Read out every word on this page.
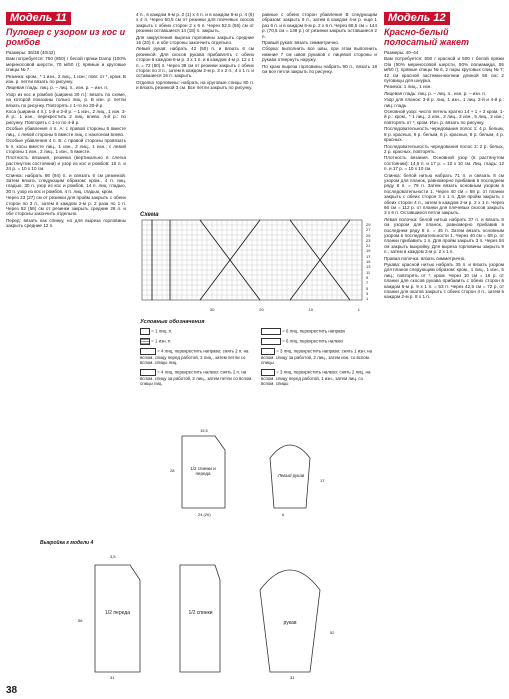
Модель 11
Пуловер с узором из кос и ромбов

Размеры: 36/38 (40/42)

Вам потребуется: 750 (850) г белой пряжи Damp (100% мериносовой шерсти, 70 м/50 г); прямые и круговые спицы № 7.

Резинка: кром., * 1 изн., 2 лиц., 1 изн.; повт. от *, кром. В изн. р. петли вязать по рисунку.

Лицевая гладь: лиц. р. – лиц. п., изн. р. – изн. п.

Узор из кос и ромбов (ширина 30 п.): вязать по схеме, на которой показаны только лиц. р. В изн. р. петли вязать по рисунку. Повторять с 1-го по 30-й р.

Коса (ширина 4 п.): 1-й и 2-й р. – 1 изн., 2 лиц., 1 изн. 3-й р.: 1 изн., перекрестить 2 лиц. влево. 4-й р.: по рисунку. Повторять с 1-го по 4-й р.

Особые убавления 4 п. А: с правой стороны 5 вместе лиц., с левой стороны 5 вместе лиц. с наклоном влево.

Особые убавления 4 п. Б: с правой стороны провязать 5 п. косы вместе лиц., 1 изн., 2 лиц., 1 изн.; с левой стороны 1 изн., 2 лиц., 1 изн., 5 вместе.

Плотность вязания, резинка (вертикально в слегка растянутом состоянии) и узор из кос и ромбов: 18 п. и 24 р. = 10 х 10 см.

Спинка: набрать 86 (94) п. и связать 6 см резинкой. Затем вязать следующим образом: кром., 4 п. лиц. гладью, 30 п. узор из кос и ромбов, 14 п. лиц. гладью, 30 п. узор из кос и ромбов, 4 п. лиц. гладью, кром.

Через 23 (27) см от резинки для пройм закрыть с обеих сторон по 3 п., затем в каждом 2-м р. 2 раза по 1 п. Через 52 (56) см от резинки закрыть средние 26 п. и обе стороны закончить отдельно.

Перед: вязать как спинку, но для выреза горловины закрыть средние 12 п.

4 п., в каждом 6-м р. 2 (1) х 4 п. и в каждом 8-м р. 4 (6) х 4 п. Через 50,5 см от резинки для плечевых скосов закрыть с обеих сторон 2 х 6 п. Через 52,5 (56) см от резинки оставшиеся 14 (18) п. закрыть.

Для закругления выреза горловины закрыть средние 16 (20) п. и обе стороны закончить отдельно.

Левый рукав: набрать 42 (50) п. и вязать 6 см резинкой. Для скосов рукава прибавлять с обеих сторон в каждом 6-м р. 3 х 1 п. и в каждом 4-м р. 12 х 1 п. = 72 (80) п. Через 38 см от резинки закрыть с обеих сторон по 3 п., затем в каждом 2-м р. 3 х 2 п., 4 х 1 п. и оставшиеся 16 п. закрыть.

Отделка горловины: набрать на круговые спицы 80 п. и вязать резинкой 3 см. Все петли закрыть по рисунку.

равные с обеих сторон убавления В следующим образом: закрыть 6 п., затем в каждом 4-м р. еще 1 раз 6 п. и в каждом 6-м р. 2 х 6 п. Через 68,5 см = 144 р. (70,5 см = 148 р.) от резинки закрыть оставшиеся 2 п.

Правый рукав: вязать симметрично.

Сборка: выполнить все швы, при этом выполнить нижние 7 см швов рукавов с лицевой стороны и рукава отвернуть наружу.

По краю выреза горловины набрать 90 п., вязать 18 см все петли закрыть по рисунку.

Схема
29
27
25
23
21
19
17
15
13
11
9
7
5
3
1
30	20	10	1
Условные обозначения
= 1 лиц. п.
= 1 изн. п.
= 4 лиц. перекрестить направо: снять 2 п. на вспом. спицу перед работой, 2 лиц., затем петли со вспом. спицы лиц.
= 4 лиц. перекрестить налево: снять 2 п. на вспом. спицу за работой, 2 лиц., затем петли со вспом. спицы лиц.
= 6 лиц. перекрестить направо
= 6 лиц. перекрестить налево
= 3 лиц. перекрестить направо: снять 1 изн. на вспом. спицу за работой, 2 лиц., затем изн. со вспом. спицы
= 3 лиц. перекрестить налево: снять 2 лиц. на вспом. спицу перед работой, 1 изн., затем лиц. со вспом. спицы
1/2 спинки и переда	Левый рукав
15,5
24 (26)	6
28
17
Выкройка к модели 4
1/2 переда	1/2 спинки
рукав
3,5
56
31	31
52
Модель 12
Красно-белый полосатый жакет

Размеры: 40–44

Вам потребуется: 550 г красной и 500 г белой пряжи Ola (50% мериносовой шерсти, 50% полиамида, 55 м/50 г); прямые спицы № 6, 2 пары круговых спиц № 7; 42 см красной застежки-молнии длиной 55 см; 2 пуговицы для шнурка.

Резинка: 1 лиц., 1 изн.

Лицевая гладь: лиц. р. – лиц. п., изн. р. – изн. п.

Узор для планок: 3-й р. лиц. 1 изн., 1 лиц. 2-й и 4-й р.: лиц. гладь.

Основной узор: число петель кратно 14 + 1 + 2 кром. 1-й р.: кром., * 1 лиц., 2 изн., 2 лиц., 2 изн., 5 лиц., 2 изн.; повторять от *, кром. Изн. р. вязать по рисунку.

Последовательность чередования полос 1: 4 р. белым, 8 р. красных, 6 р. белым, 6 р. красных, 8 р. белым, 4 р. красных.

Последовательность чередования полос 2: 2 р. белых, 2 р. красных, повторять.

Плотность вязания. Основной узор (в растянутом состоянии): 14,5 п. и 17 р. = 10 х 10 см. Лиц. гладь: 12 п. и 17 р. = 10 х 10 см.

Спинка: белой нитью набрать 71 п. и связать 8 см узором для планок, равномерно прибавив в последнем ряду 8 п. = 79 п. Затем вязать основным узором в последовательности 1. Через 40 см = 68 р. от планки закрыть с обеих сторон 3 х 1 п. Для пройм закрыть с обеих сторон 4 п., затем в каждом 2-м р. 2 х 1 п. Через 66 см = 112 р. от планки для плечевых скосов закрыть 3 х 6 п. Оставшиеся петли закрыть.

Левая полочка: белой нитью набрать 37 п. и вязать 8 см узором для планок, равномерно прибавив в последнем ряду 8 п. = 45 п. Затем вязать основным узором в последовательности 1. Через 40 см = 68 р. от планки прибавить 1 п. Для пройм закрыть 3 п. Через 54 см закрыть выкройку. Для выреза горловины закрыть 9 п., затем в каждом 2-м р. 2 х 1 п.

Правая полочка: вязать симметрично.

Рукава: красной нитью набрать 35 п. и вязать узором для планок следующим образом: кром., 1 лиц., 1 изн., 5 лиц.; повторять от *, кром. Через 10 см = 16 р. от планки для скосов рукава прибавить с обеих сторон в каждом 6-м р. 9 х 1 п. = 53 п. Через 42,5 см = 72 р. от планки для окатов закрыть с обеих сторон 4 п., затем в каждом 2-м р. 8 х 1 п.

38
